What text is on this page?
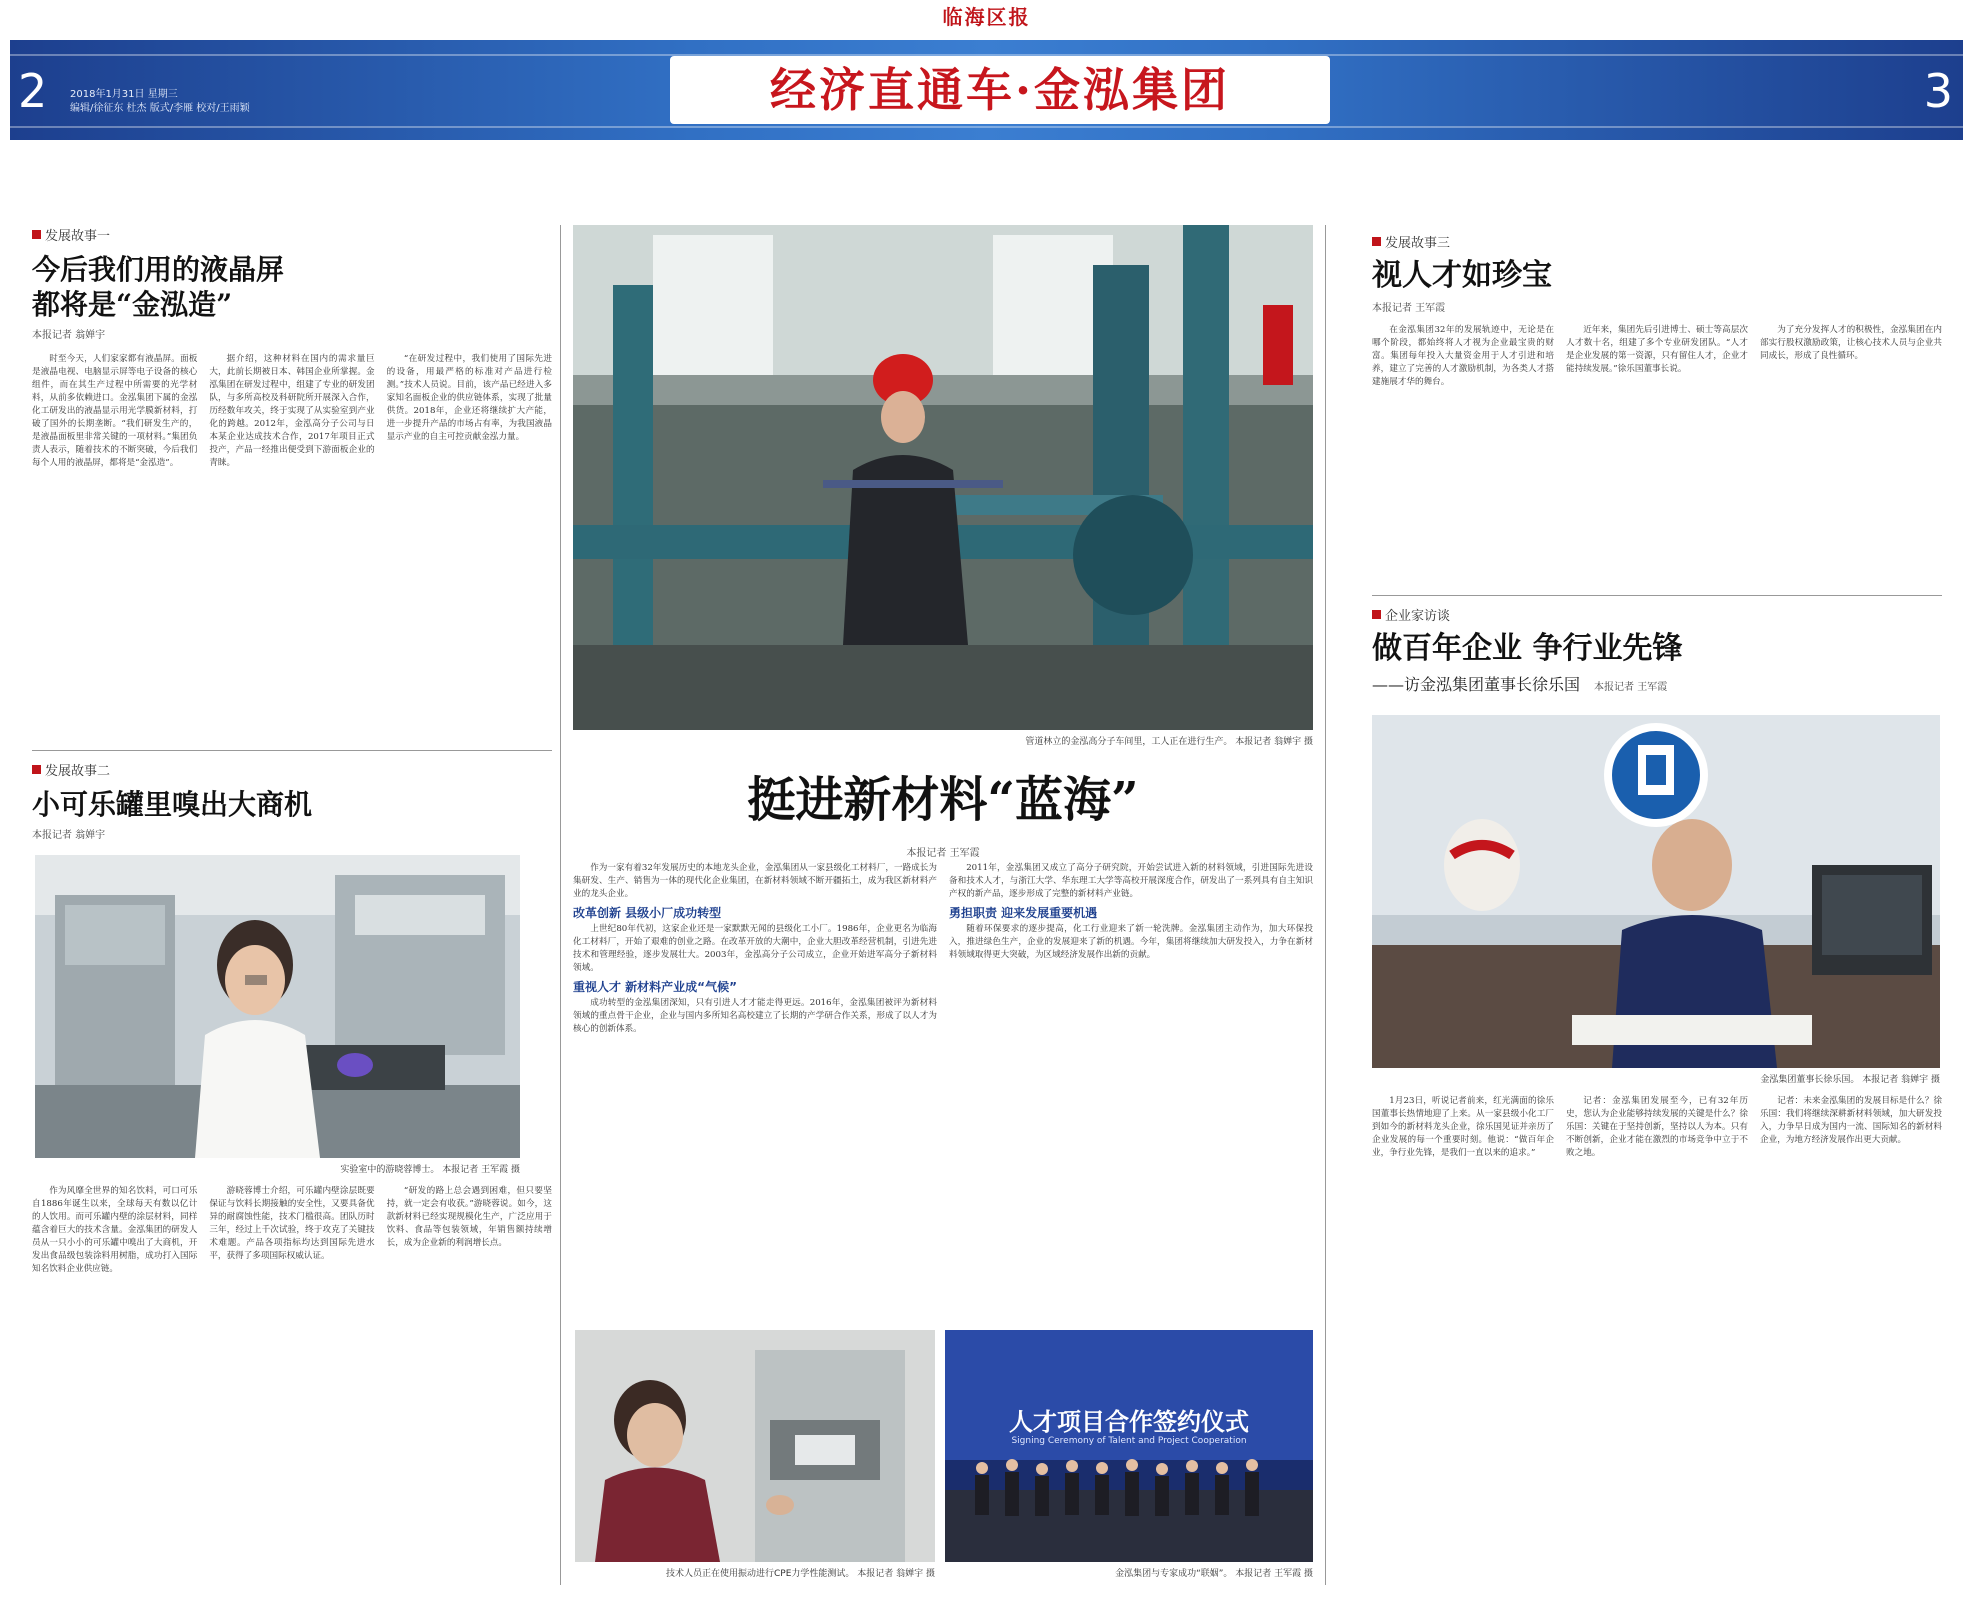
临海区报
2 2018年1月31日 星期三
编辑/徐征东 杜杰 版式/李雁 校对/王雨颖	经济直通车·金泓集团	3
发展故事一
今后我们用的液晶屏
都将是“金泓造”
本报记者 翁婵宇

时至今天，人们家家都有液晶屏。面板是液晶电视、电脑显示屏等电子设备的核心组件，而在其生产过程中所需要的光学材料，从前多依赖进口。金泓集团下属的金泓化工研发出的液晶显示用光学膜新材料，打破了国外的长期垄断。“我们研发生产的，是液晶面板里非常关键的一项材料。”集团负责人表示，随着技术的不断突破，今后我们每个人用的液晶屏，都将是“金泓造”。

据介绍，这种材料在国内的需求量巨大，此前长期被日本、韩国企业所掌握。金泓集团在研发过程中，组建了专业的研发团队，与多所高校及科研院所开展深入合作，历经数年攻关，终于实现了从实验室到产业化的跨越。2012年，金泓高分子公司与日本某企业达成技术合作，2017年项目正式投产，产品一经推出便受到下游面板企业的青睐。

“在研发过程中，我们使用了国际先进的设备，用最严格的标准对产品进行检测。”技术人员说。目前，该产品已经进入多家知名面板企业的供应链体系，实现了批量供货。2018年，企业还将继续扩大产能，进一步提升产品的市场占有率，为我国液晶显示产业的自主可控贡献金泓力量。

发展故事二
小可乐罐里嗅出大商机
本报记者 翁婵宇
实验室中的游晓蓉博士。 本报记者 王军霞 摄

作为风靡全世界的知名饮料，可口可乐自1886年诞生以来，全球每天有数以亿计的人饮用。而可乐罐内壁的涂层材料，同样蕴含着巨大的技术含量。金泓集团的研发人员从一只小小的可乐罐中嗅出了大商机，开发出食品级包装涂料用树脂，成功打入国际知名饮料企业供应链。

游晓蓉博士介绍，可乐罐内壁涂层既要保证与饮料长期接触的安全性，又要具备优异的耐腐蚀性能，技术门槛很高。团队历时三年，经过上千次试验，终于攻克了关键技术难题。产品各项指标均达到国际先进水平，获得了多项国际权威认证。

“研发的路上总会遇到困难，但只要坚持，就一定会有收获。”游晓蓉说。如今，这款新材料已经实现规模化生产，广泛应用于饮料、食品等包装领域，年销售额持续增长，成为企业新的利润增长点。

管道林立的金泓高分子车间里，工人正在进行生产。 本报记者 翁婵宇 摄
挺进新材料“蓝海”
本报记者 王军霞

作为一家有着32年发展历史的本地龙头企业，金泓集团从一家县级化工材料厂，一路成长为集研发、生产、销售为一体的现代化企业集团，在新材料领域不断开疆拓土，成为我区新材料产业的龙头企业。

改革创新 县级小厂成功转型

上世纪80年代初，这家企业还是一家默默无闻的县级化工小厂。1986年，企业更名为临海化工材料厂，开始了艰难的创业之路。在改革开放的大潮中，企业大胆改革经营机制，引进先进技术和管理经验，逐步发展壮大。2003年，金泓高分子公司成立，企业开始进军高分子新材料领域。

重视人才 新材料产业成“气候”

成功转型的金泓集团深知，只有引进人才才能走得更远。2016年，金泓集团被评为新材料领域的重点骨干企业，企业与国内多所知名高校建立了长期的产学研合作关系，形成了以人才为核心的创新体系。

2011年，金泓集团又成立了高分子研究院，开始尝试进入新的材料领域，引进国际先进设备和技术人才，与浙江大学、华东理工大学等高校开展深度合作，研发出了一系列具有自主知识产权的新产品，逐步形成了完整的新材料产业链。

勇担职责 迎来发展重要机遇

随着环保要求的逐步提高，化工行业迎来了新一轮洗牌。金泓集团主动作为，加大环保投入，推进绿色生产，企业的发展迎来了新的机遇。今年，集团将继续加大研发投入，力争在新材料领域取得更大突破，为区域经济发展作出新的贡献。

技术人员正在使用振动进行CPE力学性能测试。 本报记者 翁婵宇 摄
人才项目合作签约仪式
Signing Ceremony of Talent and Project Cooperation
金泓集团与专家成功“联姻”。 本报记者 王军霞 摄
发展故事三
视人才如珍宝
本报记者 王军霞

在金泓集团32年的发展轨迹中，无论是在哪个阶段，都始终将人才视为企业最宝贵的财富。集团每年投入大量资金用于人才引进和培养，建立了完善的人才激励机制，为各类人才搭建施展才华的舞台。

近年来，集团先后引进博士、硕士等高层次人才数十名，组建了多个专业研发团队。“人才是企业发展的第一资源，只有留住人才，企业才能持续发展。”徐乐国董事长说。

为了充分发挥人才的积极性，金泓集团在内部实行股权激励政策，让核心技术人员与企业共同成长，形成了良性循环。

企业家访谈
做百年企业 争行业先锋
——访金泓集团董事长徐乐国 本报记者 王军霞
金泓集团董事长徐乐国。 本报记者 翁婵宇 摄

1月23日，听说记者前来，红光满面的徐乐国董事长热情地迎了上来。从一家县级小化工厂到如今的新材料龙头企业，徐乐国见证并亲历了企业发展的每一个重要时刻。他说：“做百年企业，争行业先锋，是我们一直以来的追求。”

记者：金泓集团发展至今，已有32年历史，您认为企业能够持续发展的关键是什么？徐乐国：关键在于坚持创新，坚持以人为本。只有不断创新，企业才能在激烈的市场竞争中立于不败之地。

记者：未来金泓集团的发展目标是什么？徐乐国：我们将继续深耕新材料领域，加大研发投入，力争早日成为国内一流、国际知名的新材料企业，为地方经济发展作出更大贡献。
